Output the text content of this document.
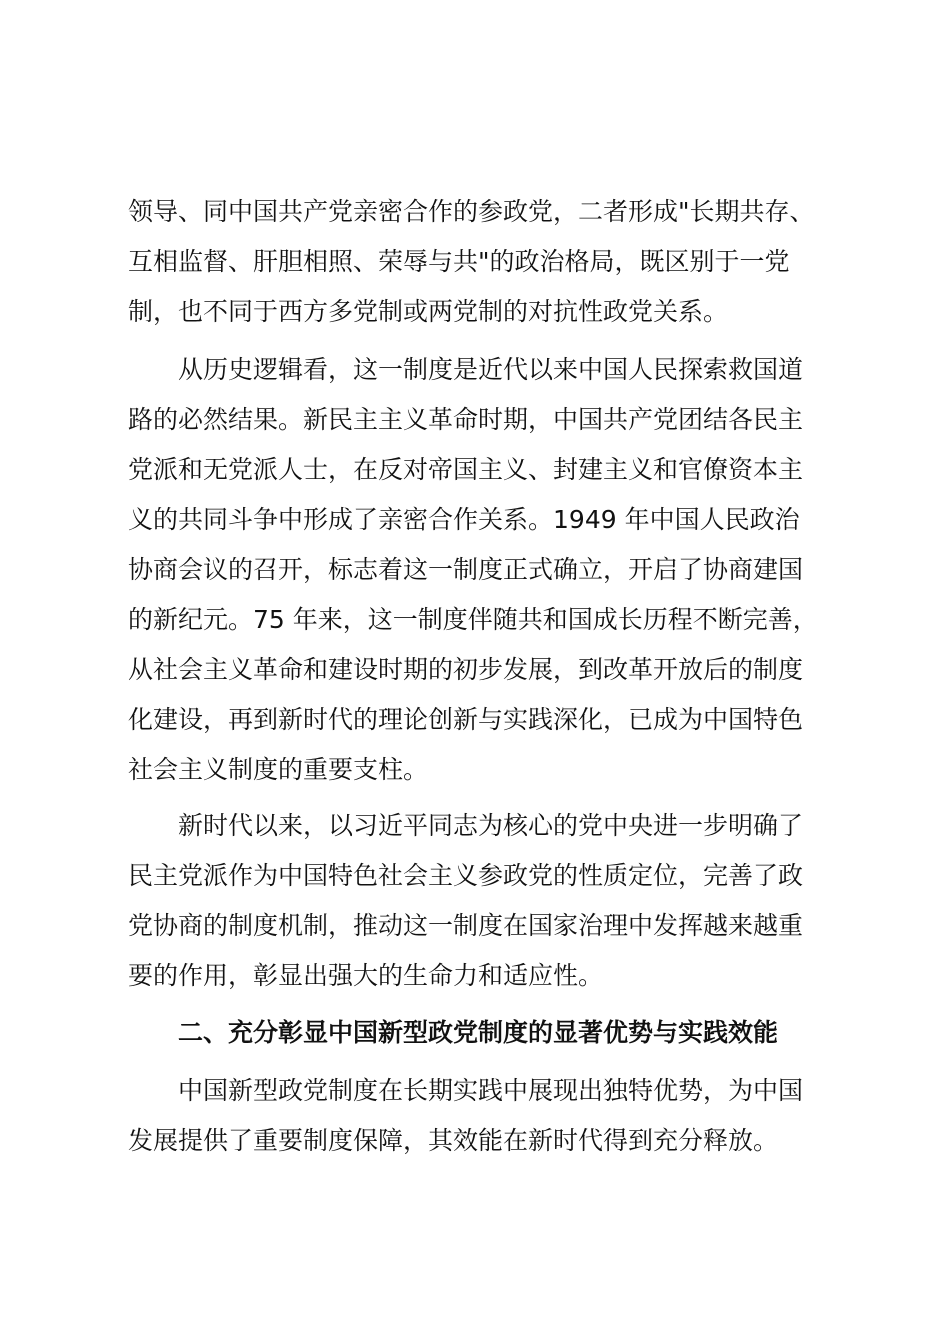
领导、同中国共产党亲密合作的参政党，二者形成"长期共存、
互相监督、肝胆相照、荣辱与共"的政治格局，既区别于一党
制，也不同于西方多党制或两党制的对抗性政党关系。
从历史逻辑看，这一制度是近代以来中国人民探索救国道
路的必然结果。新民主主义革命时期，中国共产党团结各民主
党派和无党派人士，在反对帝国主义、封建主义和官僚资本主
义的共同斗争中形成了亲密合作关系。1949 年中国人民政治
协商会议的召开，标志着这一制度正式确立，开启了协商建国
的新纪元。75 年来，这一制度伴随共和国成长历程不断完善，
从社会主义革命和建设时期的初步发展，到改革开放后的制度
化建设，再到新时代的理论创新与实践深化，已成为中国特色
社会主义制度的重要支柱。
新时代以来，以习近平同志为核心的党中央进一步明确了
民主党派作为中国特色社会主义参政党的性质定位，完善了政
党协商的制度机制，推动这一制度在国家治理中发挥越来越重
要的作用，彰显出强大的生命力和适应性。
二、充分彰显中国新型政党制度的显著优势与实践效能
中国新型政党制度在长期实践中展现出独特优势，为中国
发展提供了重要制度保障，其效能在新时代得到充分释放。
